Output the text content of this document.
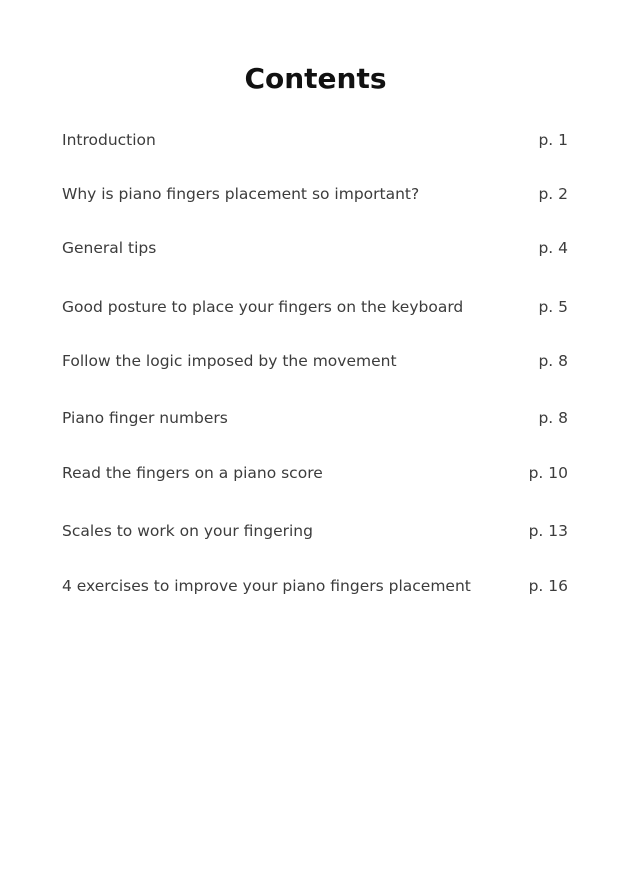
Contents
Introduction	p. 1
Why is piano fingers placement so important?	p. 2
General tips	p. 4
Good posture to place your fingers on the keyboard	p. 5
Follow the logic imposed by the movement	p. 8
Piano finger numbers	p. 8
Read the fingers on a piano score	p. 10
Scales to work on your fingering	p. 13
4 exercises to improve your piano fingers placement	p. 16
